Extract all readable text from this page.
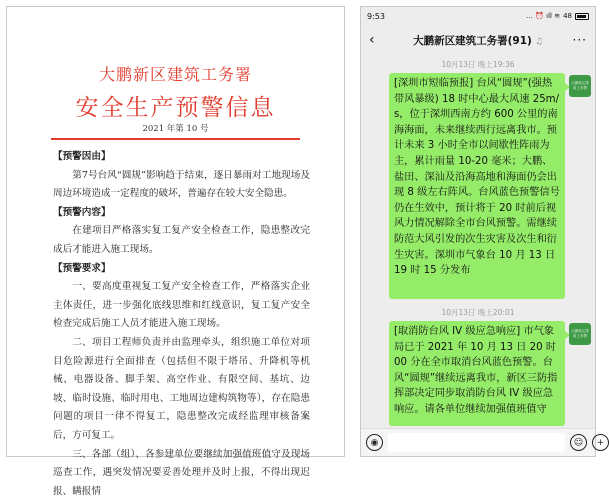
大鹏新区建筑工务署
安全生产预警信息
2021 年第 10 号

【预警因由】

第7号台风“圆规”影响趋于结束，逐日暴雨对工地现场及周边环境造成一定程度的破坏，普遍存在较大安全隐患。

【预警内容】

在建项目严格落实复工复产安全检查工作，隐患整改完成后才能进入施工现场。

【预警要求】

一、要高度重视复工复产安全检查工作，严格落实企业主体责任，进一步强化底线思维和红线意识，复工复产安全检查完成后施工人员才能进入施工现场。

二、项目工程师负责并由监理牵头，组织施工单位对项目危险源进行全面排查（包括但不限于塔吊、升降机等机械、电器设备、脚手架、高空作业、有限空间、基坑、边坡、临时设施、临时用电、工地周边建构筑物等），存在隐患问题的项目一律不得复工，隐患整改完成经监理审核备案后，方可复工。

三、各部（组）、各参建单位要继续加强值班值守及现场巡查工作，遇突发情况要妥善处理并及时上报，不得出现迟报、瞒报情

9:53	… ⏰ ıll ≋ 48
‹	大鹏新区建筑工务署(91) ♫	···
10月13日 晚上19:36
[深圳市短临预报] 台风“圆规”(强热带风暴级) 18 时中心最大风速 25m/s，位于深圳西南方约 600 公里的南海海面，未来继续西行远离我市。预计未来 3 小时全市以间歇性阵雨为主，累计雨量 10-20 毫米；大鹏、盐田、深汕及沿海高地和海面仍会出现 8 级左右阵风。台风蓝色预警信号仍在生效中，预计将于 20 时前后视风力情况解除全市台风预警。需继续防范大风引发的次生灾害及次生和衍生灾害。深圳市气象台 10 月 13 日 19 时 15 分发布
大鹏新区建筑工务署
10月13日 晚上20:01
[取消防台风 IV 级应急响应] 市气象局已于 2021 年 10 月 13 日 20 时 00 分在全市取消台风蓝色预警。台风“圆规”继续远离我市，新区三防指挥部决定同步取消防台风 IV 级应急响应。请各单位继续加强值班值守
大鹏新区建筑工务署
◉	☺	+
